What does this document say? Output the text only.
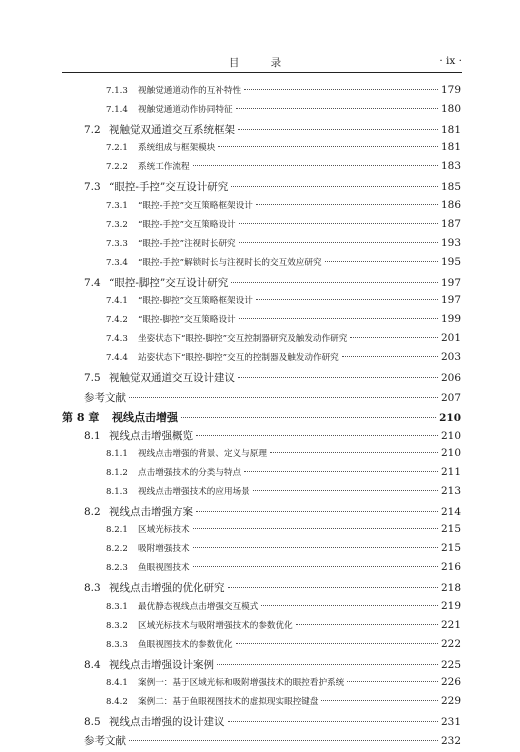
目 录	· ix ·
7.1.3	视触觉通道动作的互补特性	179
7.1.4	视触觉通道动作协同特征	180
7.2 视触觉双通道交互系统框架	181
7.2.1	系统组成与框架模块	181
7.2.2	系统工作流程	183
7.3 “眼控-手控”交互设计研究	185
7.3.1	“眼控-手控”交互策略框架设计	186
7.3.2	“眼控-手控”交互策略设计	187
7.3.3	“眼控-手控”注视时长研究	193
7.3.4	“眼控-手控”解锁时长与注视时长的交互效应研究	195
7.4 “眼控-脚控”交互设计研究	197
7.4.1	“眼控-脚控”交互策略框架设计	197
7.4.2	“眼控-脚控”交互策略设计	199
7.4.3	坐姿状态下“眼控-脚控”交互控制器研究及触发动作研究	201
7.4.4	站姿状态下“眼控-脚控”交互的控制器及触发动作研究	203
7.5 视触觉双通道交互设计建议	206
参考文献	207
第 8 章	视线点击增强	210
8.1 视线点击增强概览	210
8.1.1	视线点击增强的背景、定义与原理	210
8.1.2	点击增强技术的分类与特点	211
8.1.3	视线点击增强技术的应用场景	213
8.2 视线点击增强方案	214
8.2.1	区域光标技术	215
8.2.2	吸附增强技术	215
8.2.3	鱼眼视图技术	216
8.3 视线点击增强的优化研究	218
8.3.1	最优静态视线点击增强交互模式	219
8.3.2	区域光标技术与吸附增强技术的参数优化	221
8.3.3	鱼眼视图技术的参数优化	222
8.4 视线点击增强设计案例	225
8.4.1	案例一：基于区域光标和吸附增强技术的眼控看护系统	226
8.4.2	案例二：基于鱼眼视图技术的虚拟现实眼控键盘	229
8.5 视线点击增强的设计建议	231
参考文献	232
